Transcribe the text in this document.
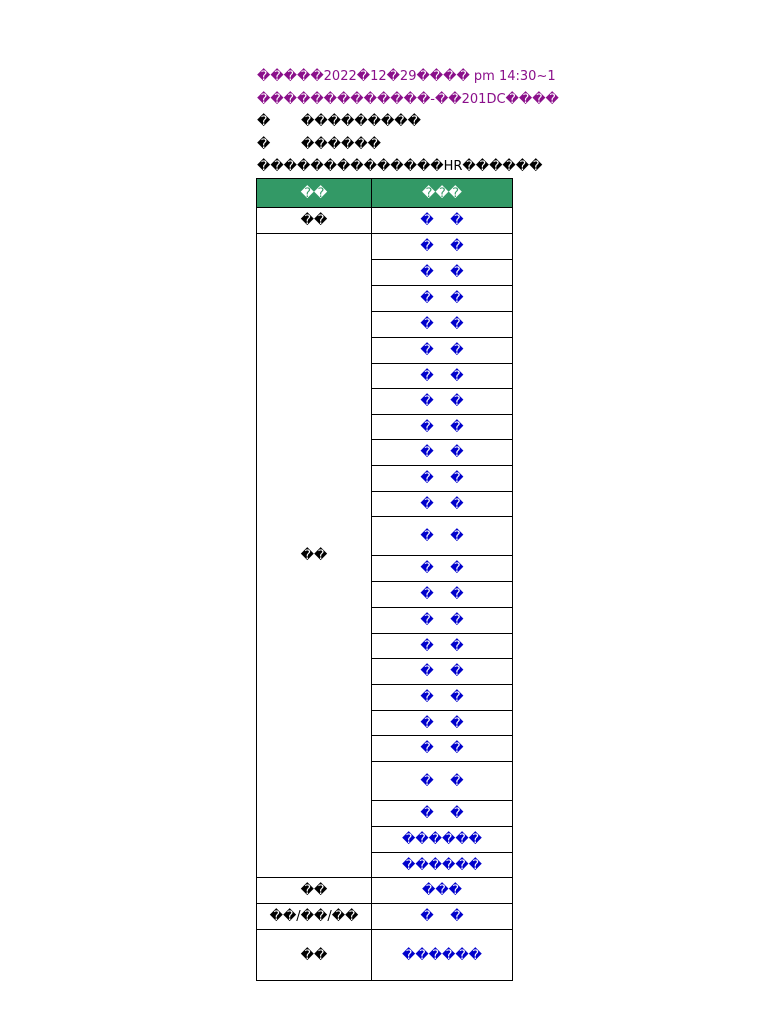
�����2022�12�29���� pm 14:30~1
�������������-��201DC����
� ���������
� ������
��������������HR������
��	���
��	�    �
��	�    �
	�    �
	�    �
	�    �
	�    �
	�    �
	�    �
	�    �
	�    �
	�    �
	�    �
	�    �
	�    �
	�    �
	�    �
	�    �
	�    �
	�    �
	�    �
	�    �
	�    �
	�    �
	������
	������
��	���
��/��/��	�    �
��	������
